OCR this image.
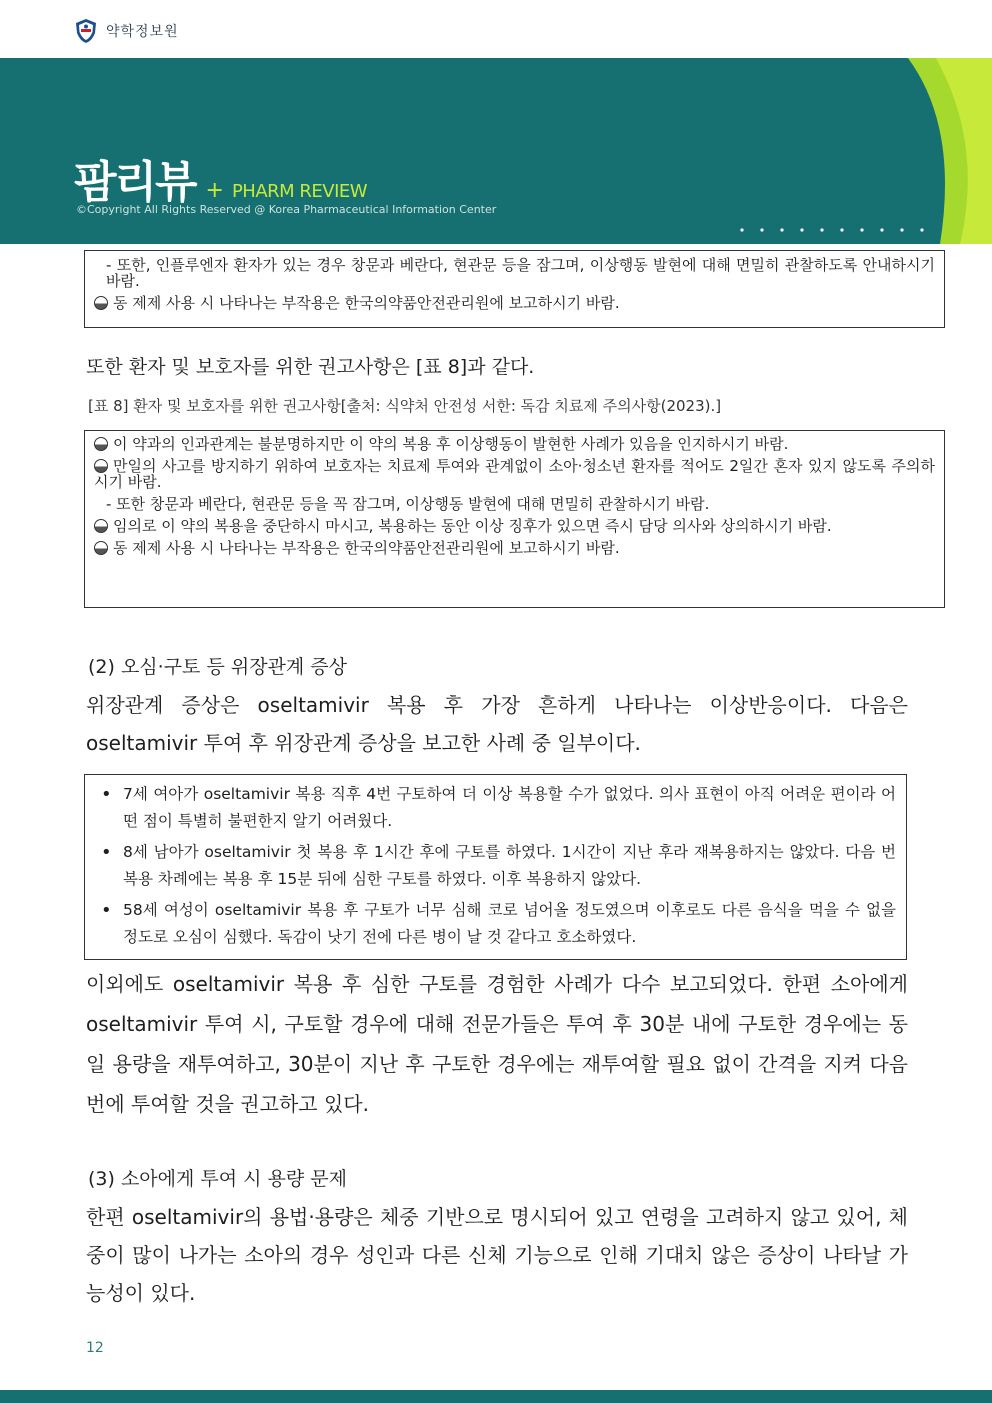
약학정보원
팜리뷰 + PHARM REVIEW
©Copyright All Rights Reserved @ Korea Pharmaceutical Information Center

- 또한, 인플루엔자 환자가 있는 경우 창문과 베란다, 현관문 등을 잠그며, 이상행동 발현에 대해 면밀히 관찰하도록 안내하시기 바람.

동 제제 사용 시 나타나는 부작용은 한국의약품안전관리원에 보고하시기 바람.

또한 환자 및 보호자를 위한 권고사항은 [표 8]과 같다.
[표 8] 환자 및 보호자를 위한 권고사항[출처: 식약처 안전성 서한: 독감 치료제 주의사항(2023).]

이 약과의 인과관계는 불분명하지만 이 약의 복용 후 이상행동이 발현한 사례가 있음을 인지하시기 바람.

만일의 사고를 방지하기 위하여 보호자는 치료제 투여와 관계없이 소아·청소년 환자를 적어도 2일간 혼자 있지 않도록 주의하시기 바람.

- 또한 창문과 베란다, 현관문 등을 꼭 잠그며, 이상행동 발현에 대해 면밀히 관찰하시기 바람.

임의로 이 약의 복용을 중단하시 마시고, 복용하는 동안 이상 징후가 있으면 즉시 담당 의사와 상의하시기 바람.

동 제제 사용 시 나타나는 부작용은 한국의약품안전관리원에 보고하시기 바람.

(2) 오심·구토 등 위장관계 증상
위장관계 증상은 oseltamivir 복용 후 가장 흔하게 나타나는 이상반응이다. 다음은 oseltamivir 투여 후 위장관계 증상을 보고한 사례 중 일부이다.
• 7세 여아가 oseltamivir 복용 직후 4번 구토하여 더 이상 복용할 수가 없었다. 의사 표현이 아직 어려운 편이라 어떤 점이 특별히 불편한지 알기 어려웠다.
• 8세 남아가 oseltamivir 첫 복용 후 1시간 후에 구토를 하였다. 1시간이 지난 후라 재복용하지는 않았다. 다음 번 복용 차례에는 복용 후 15분 뒤에 심한 구토를 하였다. 이후 복용하지 않았다.
• 58세 여성이 oseltamivir 복용 후 구토가 너무 심해 코로 넘어올 정도였으며 이후로도 다른 음식을 먹을 수 없을 정도로 오심이 심했다. 독감이 낫기 전에 다른 병이 날 것 같다고 호소하였다.
이외에도 oseltamivir 복용 후 심한 구토를 경험한 사례가 다수 보고되었다. 한편 소아에게 oseltamivir 투여 시, 구토할 경우에 대해 전문가들은 투여 후 30분 내에 구토한 경우에는 동일 용량을 재투여하고, 30분이 지난 후 구토한 경우에는 재투여할 필요 없이 간격을 지켜 다음번에 투여할 것을 권고하고 있다.
(3) 소아에게 투여 시 용량 문제
한편 oseltamivir의 용법·용량은 체중 기반으로 명시되어 있고 연령을 고려하지 않고 있어, 체중이 많이 나가는 소아의 경우 성인과 다른 신체 기능으로 인해 기대치 않은 증상이 나타날 가능성이 있다.
12
